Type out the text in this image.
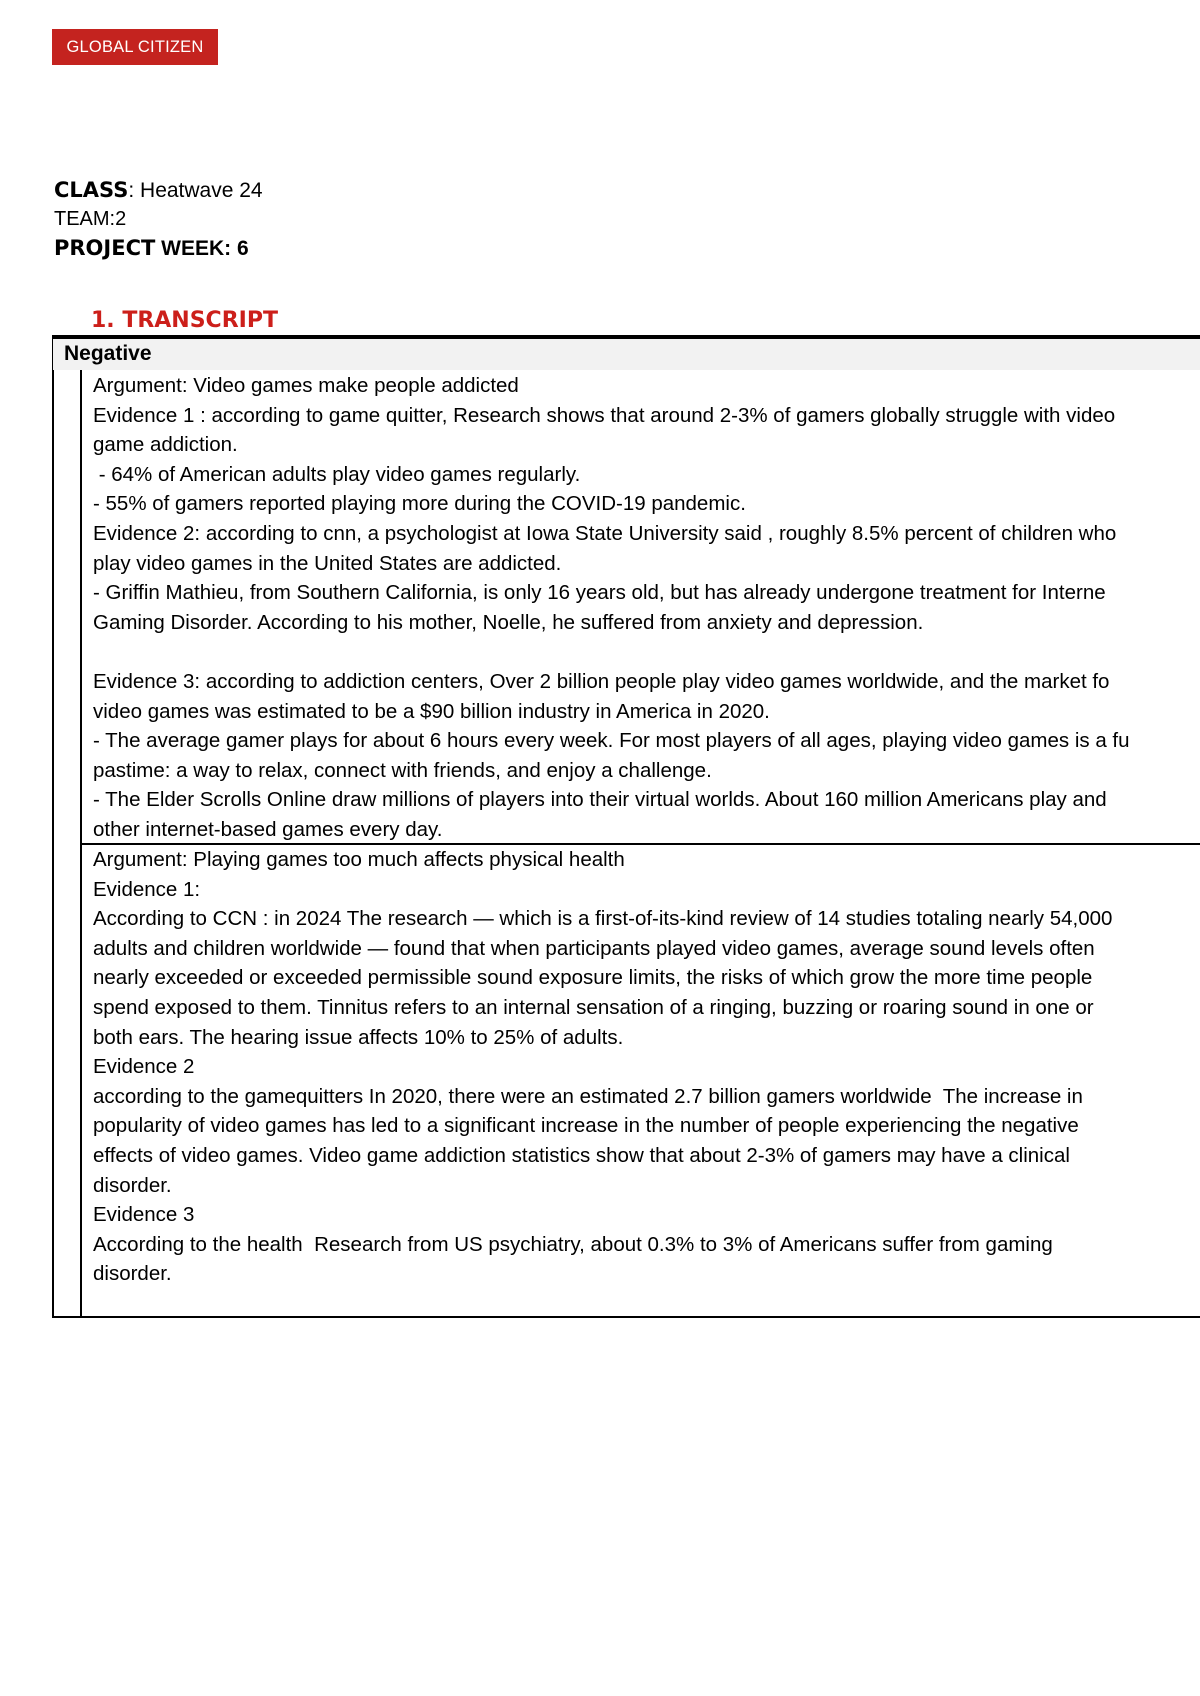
GLOBAL CITIZEN
CLASS: Heatwave 24
TEAM:2
PROJECT WEEK: 6
1. TRANSCRIPT
Negative
Argument: Video games make people addicted
Evidence 1 : according to game quitter, Research shows that around 2-3% of gamers globally struggle with video
game addiction.
- 64% of American adults play video games regularly.
- 55% of gamers reported playing more during the COVID-19 pandemic.
Evidence 2: according to cnn, a psychologist at Iowa State University said , roughly 8.5% percent of children who
play video games in the United States are addicted.
- Griffin Mathieu, from Southern California, is only 16 years old, but has already undergone treatment for Interne
Gaming Disorder. According to his mother, Noelle, he suffered from anxiety and depression.
Evidence 3: according to addiction centers, Over 2 billion people play video games worldwide, and the market fo
video games was estimated to be a $90 billion industry in America in 2020.
- The average gamer plays for about 6 hours every week. For most players of all ages, playing video games is a fu
pastime: a way to relax, connect with friends, and enjoy a challenge.
- The Elder Scrolls Online draw millions of players into their virtual worlds. About 160 million Americans play and
other internet-based games every day.
Argument: Playing games too much affects physical health
Evidence 1:
According to CCN : in 2024 The research — which is a first-of-its-kind review of 14 studies totaling nearly 54,000
adults and children worldwide — found that when participants played video games, average sound levels often
nearly exceeded or exceeded permissible sound exposure limits, the risks of which grow the more time people
spend exposed to them. Tinnitus refers to an internal sensation of a ringing, buzzing or roaring sound in one or
both ears. The hearing issue affects 10% to 25% of adults.
Evidence 2
according to the gamequitters In 2020, there were an estimated 2.7 billion gamers worldwide  The increase in
popularity of video games has led to a significant increase in the number of people experiencing the negative
effects of video games. Video game addiction statistics show that about 2-3% of gamers may have a clinical
disorder.
Evidence 3
According to the health  Research from US psychiatry, about 0.3% to 3% of Americans suffer from gaming
disorder.
